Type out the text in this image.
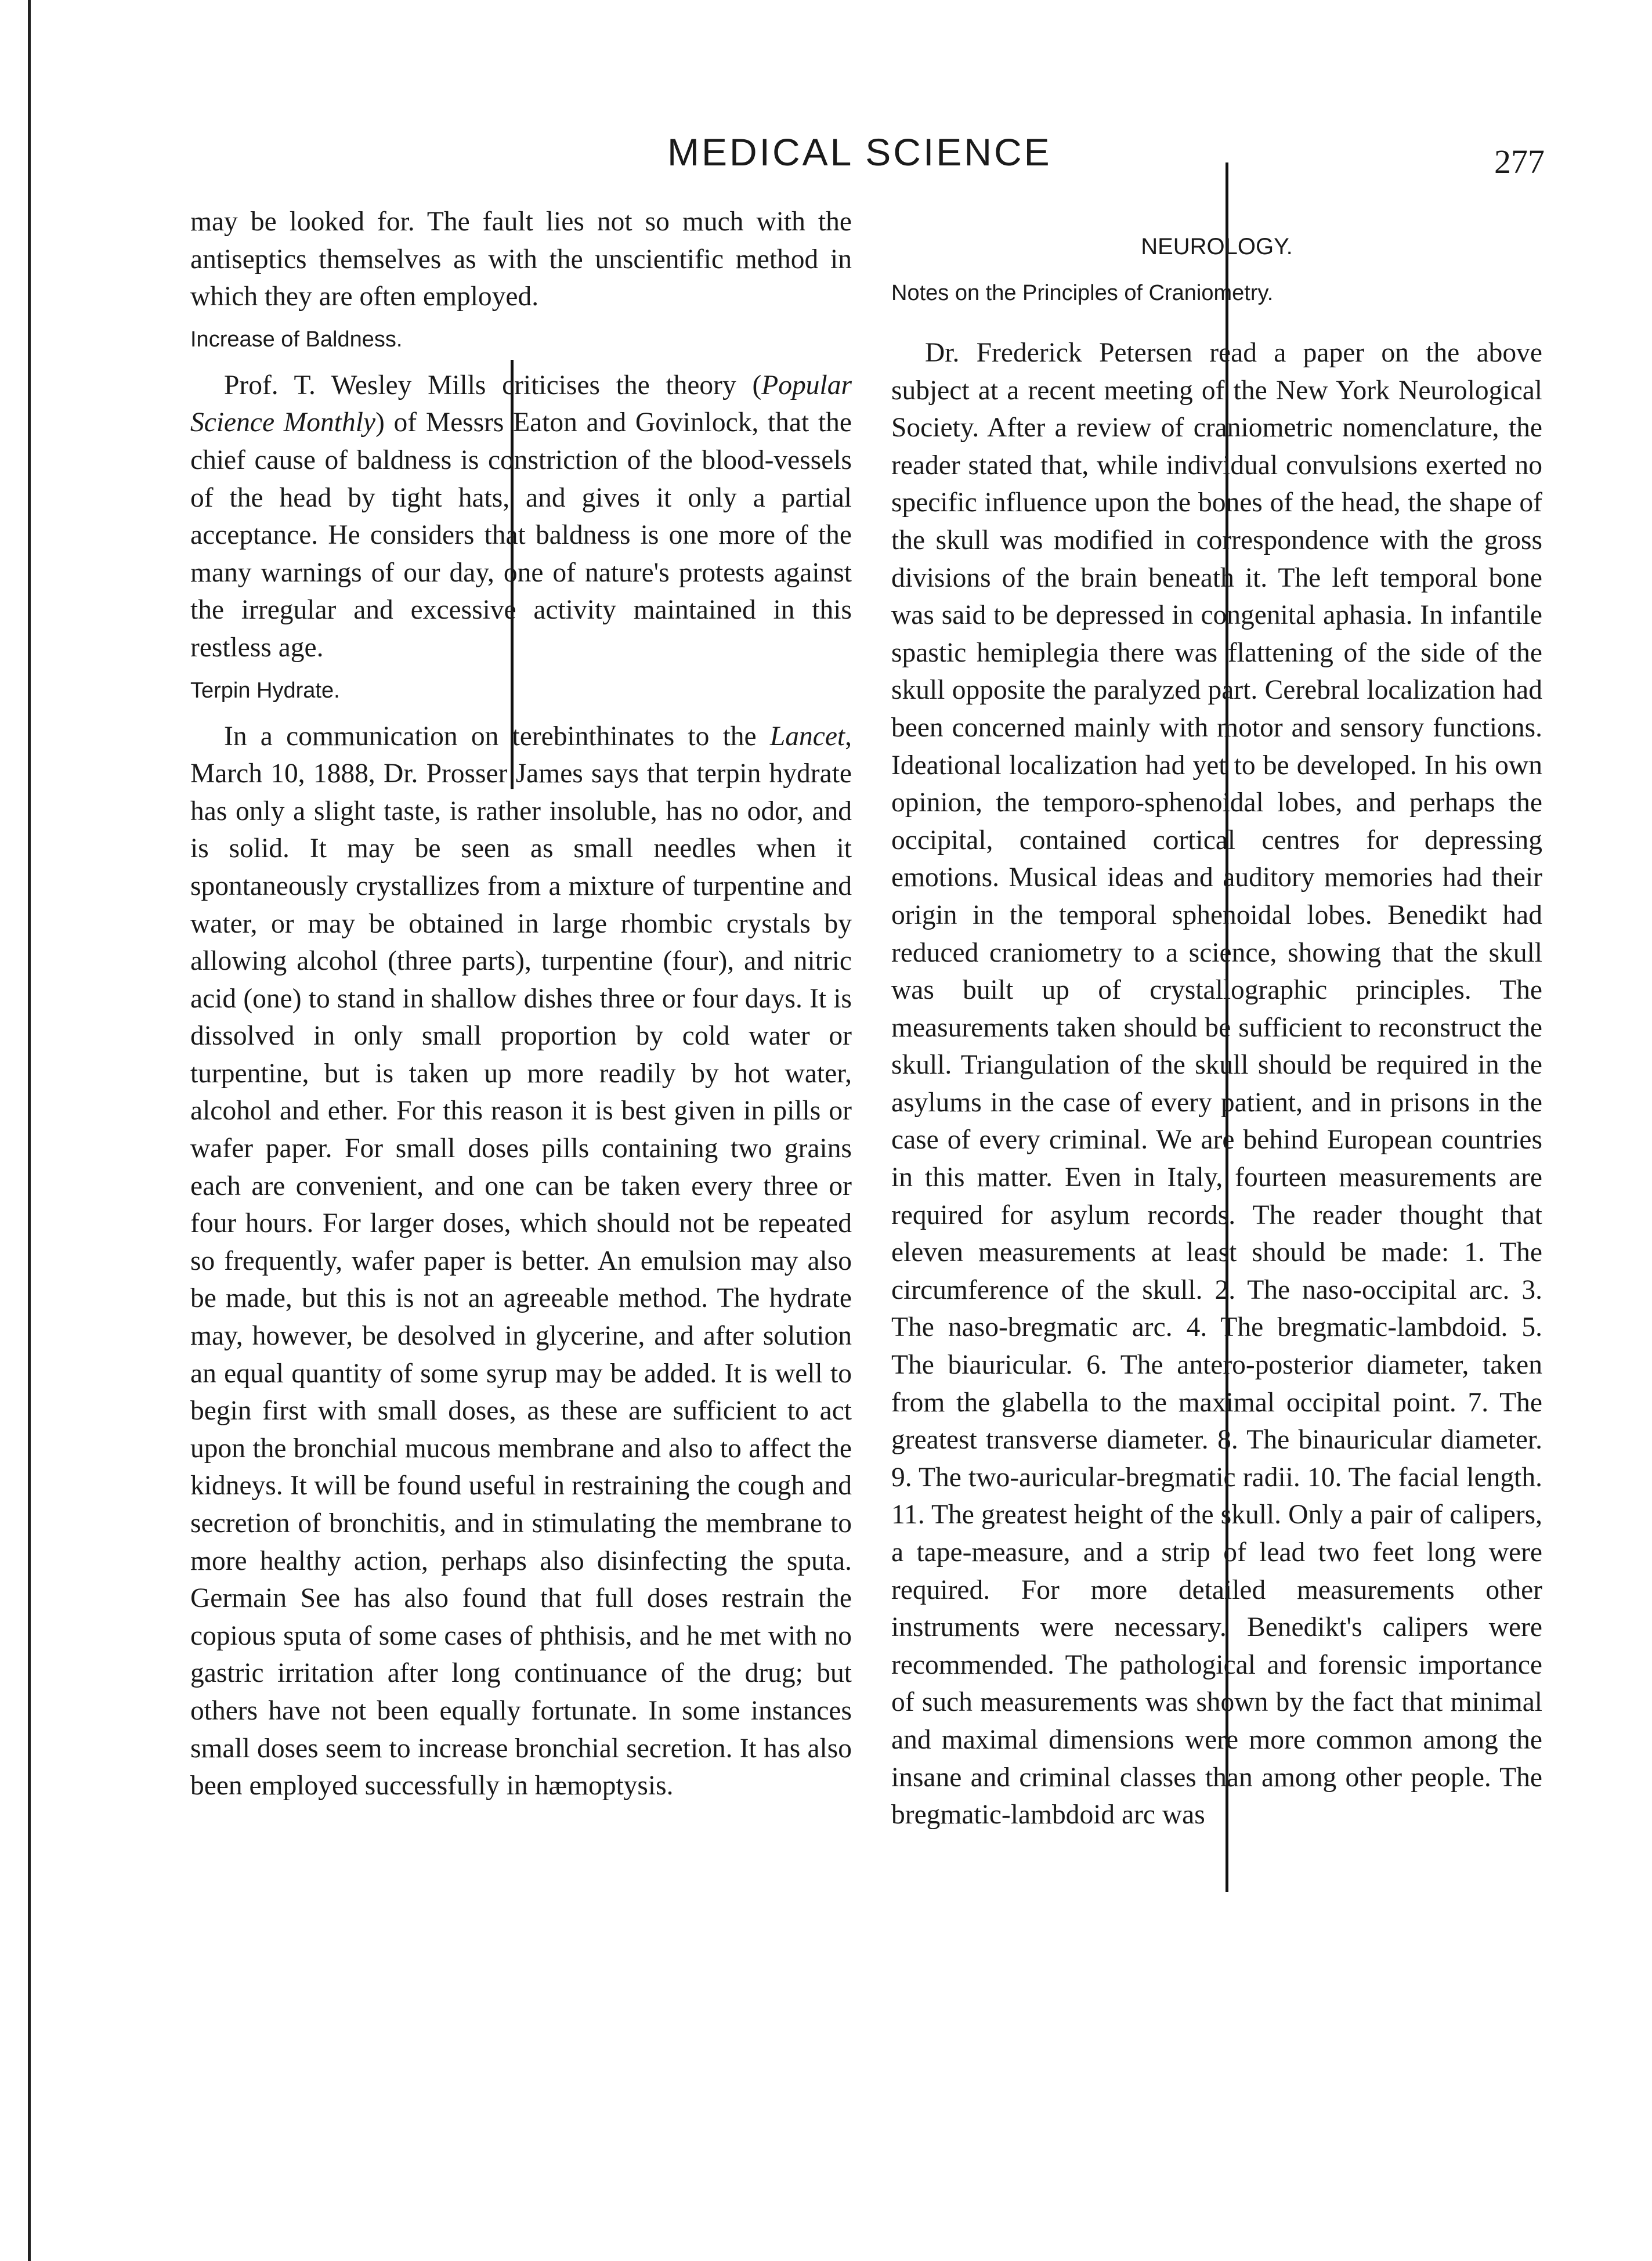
MEDICAL SCIENCE	277

may be looked for. The fault lies not so much with the antiseptics themselves as with the unscientific method in which they are often employed.

Increase of Baldness.

Prof. T. Wesley Mills criticises the theory (Popular Science Monthly) of Messrs Eaton and Govinlock, that the chief cause of baldness is constriction of the blood-vessels of the head by tight hats, and gives it only a partial acceptance. He considers that baldness is one more of the many warnings of our day, one of nature's protests against the irregular and excessive activity maintained in this restless age.

Terpin Hydrate.

In a communication on terebinthinates to the Lancet, March 10, 1888, Dr. Prosser James says that terpin hydrate has only a slight taste, is rather insoluble, has no odor, and is solid. It may be seen as small needles when it spontaneously crystallizes from a mixture of turpentine and water, or may be obtained in large rhombic crystals by allowing alcohol (three parts), turpentine (four), and nitric acid (one) to stand in shallow dishes three or four days. It is dissolved in only small proportion by cold water or turpentine, but is taken up more readily by hot water, alcohol and ether. For this reason it is best given in pills or wafer paper. For small doses pills containing two grains each are convenient, and one can be taken every three or four hours. For larger doses, which should not be repeated so frequently, wafer paper is better. An emulsion may also be made, but this is not an agreeable method. The hydrate may, however, be desolved in glycerine, and after solution an equal quantity of some syrup may be added. It is well to begin first with small doses, as these are sufficient to act upon the bronchial mucous membrane and also to affect the kidneys. It will be found useful in restraining the cough and secretion of bronchitis, and in stimulating the membrane to more healthy action, perhaps also disinfecting the sputa. Germain See has also found that full doses restrain the copious sputa of some cases of phthisis, and he met with no gastric irritation after long continuance of the drug; but others have not been equally fortunate. In some instances small doses seem to increase bronchial secretion. It has also been employed successfully in hæmoptysis.

NEUROLOGY.
Notes on the Principles of Craniometry.

Dr. Frederick Petersen read a paper on the above subject at a recent meeting of the New York Neurological Society. After a review of craniometric nomenclature, the reader stated that, while individual convulsions exerted no specific influence upon the bones of the head, the shape of the skull was modified in correspondence with the gross divisions of the brain beneath it. The left temporal bone was said to be depressed in congenital aphasia. In infantile spastic hemiplegia there was flattening of the side of the skull opposite the paralyzed part. Cerebral localization had been concerned mainly with motor and sensory functions. Ideational localization had yet to be developed. In his own opinion, the temporo-sphenoidal lobes, and perhaps the occipital, contained cortical centres for depressing emotions. Musical ideas and auditory memories had their origin in the temporal sphenoidal lobes. Benedikt had reduced craniometry to a science, showing that the skull was built up of crystallographic principles. The measurements taken should be sufficient to reconstruct the skull. Triangulation of the skull should be required in the asylums in the case of every patient, and in prisons in the case of every criminal. We are behind European countries in this matter. Even in Italy, fourteen measurements are required for asylum records. The reader thought that eleven measurements at least should be made: 1. The circumference of the skull. 2. The naso-occipital arc. 3. The naso-bregmatic arc. 4. The bregmatic-lambdoid. 5. The biauricular. 6. The antero-posterior diameter, taken from the glabella to the maximal occipital point. 7. The greatest transverse diameter. 8. The binauricular diameter. 9. The two-auricular-bregmatic radii. 10. The facial length. 11. The greatest height of the skull. Only a pair of calipers, a tape-measure, and a strip of lead two feet long were required. For more detailed measurements other instruments were necessary. Benedikt's calipers were recommended. The pathological and forensic importance of such measurements was shown by the fact that minimal and maximal dimensions were more common among the insane and criminal classes than among other people. The bregmatic-lambdoid arc was
